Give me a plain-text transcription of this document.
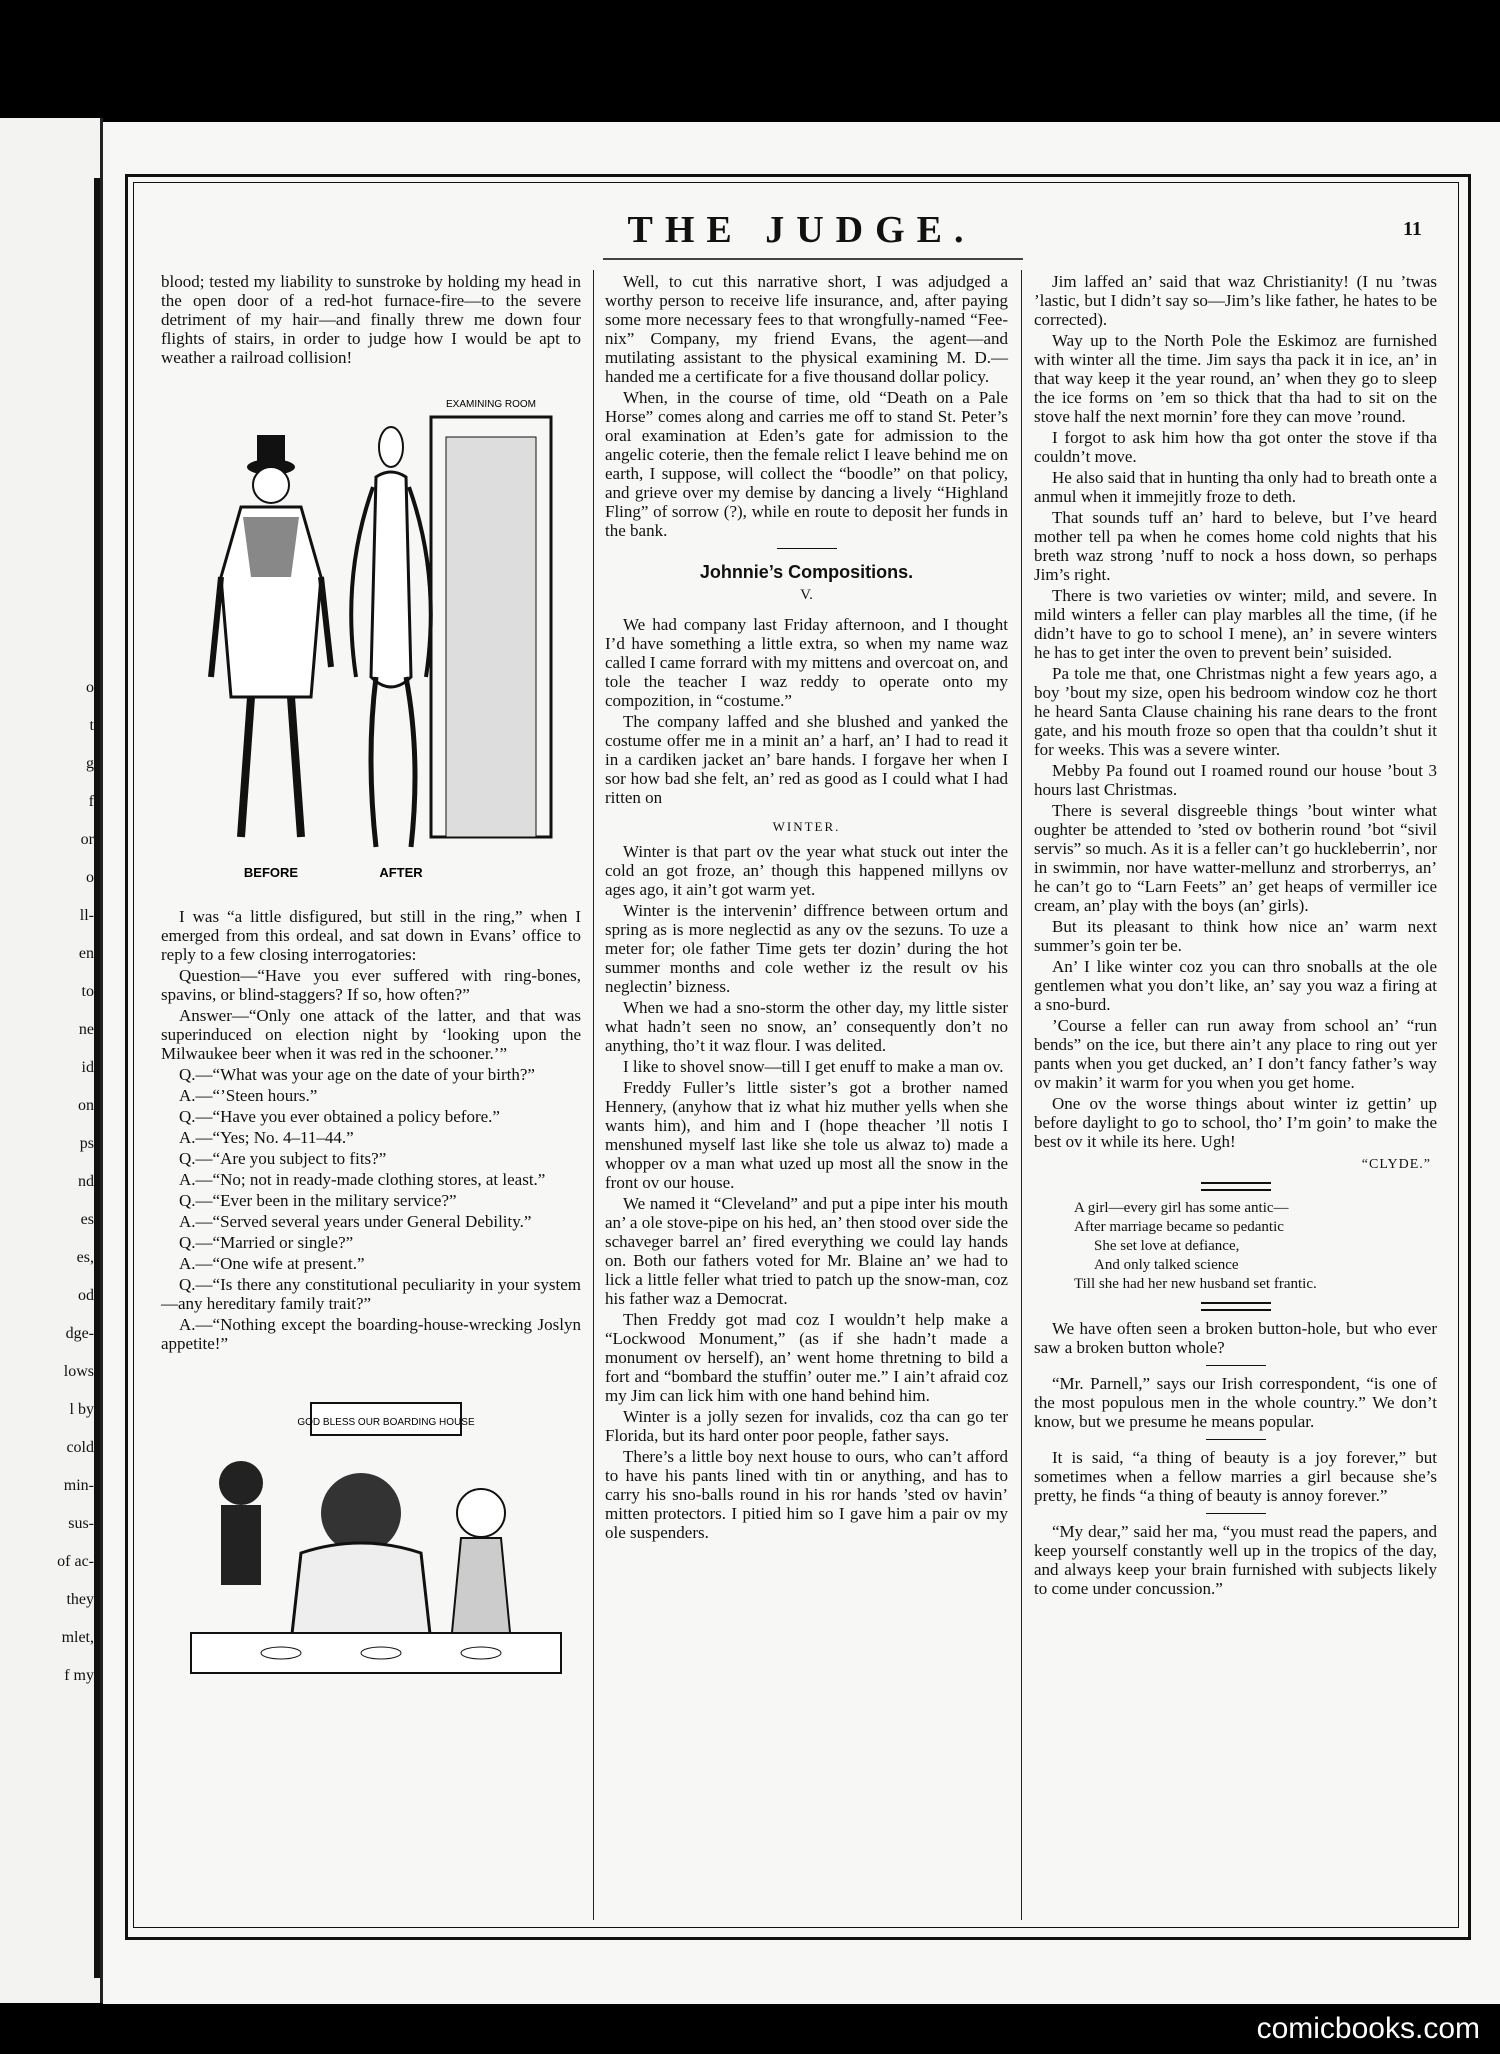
o
t
g
f
or
o
ll-
en
to
ne
id
on
ps
nd
es
es,
od
dge-
lows
l by
cold
min-
sus-
of ac-
they
mlet,
f my
THE JUDGE.	11

blood; tested my liability to sunstroke by holding my head in the open door of a red-hot furnace-fire—to the severe detriment of my hair—and finally threw me down four flights of stairs, in order to judge how I would be apt to weather a railroad collision!

EXAMINING ROOM
BEFORE	AFTER

I was “a little disfigured, but still in the ring,” when I emerged from this ordeal, and sat down in Evans’ office to reply to a few closing interrogatories:

Question—“Have you ever suffered with ring-bones, spavins, or blind-staggers? If so, how often?”

Answer—“Only one attack of the latter, and that was superinduced on election night by ‘looking upon the Milwaukee beer when it was red in the schooner.’”

Q.—“What was your age on the date of your birth?”

A.—“’Steen hours.”

Q.—“Have you ever obtained a policy before.”

A.—“Yes; No. 4–11–44.”

Q.—“Are you subject to fits?”

A.—“No; not in ready-made clothing stores, at least.”

Q.—“Ever been in the military service?”

A.—“Served several years under General Debility.”

Q.—“Married or single?”

A.—“One wife at present.”

Q.—“Is there any constitutional peculiarity in your system—any hereditary family trait?”

A.—“Nothing except the boarding-house-wrecking Joslyn appetite!”

GOD BLESS OUR BOARDING HOUSE

Well, to cut this narrative short, I was adjudged a worthy person to receive life insurance, and, after paying some more necessary fees to that wrongfully-named “Fee-nix” Company, my friend Evans, the agent—and mutilating assistant to the physical examining M. D.—handed me a certificate for a five thousand dollar policy.

When, in the course of time, old “Death on a Pale Horse” comes along and carries me off to stand St. Peter’s oral examination at Eden’s gate for admission to the angelic coterie, then the female relict I leave behind me on earth, I suppose, will collect the “boodle” on that policy, and grieve over my demise by dancing a lively “Highland Fling” of sorrow (?), while en route to deposit her funds in the bank.

Johnnie’s Compositions.
V.

We had company last Friday afternoon, and I thought I’d have something a little extra, so when my name waz called I came forrard with my mittens and overcoat on, and tole the teacher I waz reddy to operate onto my compozition, in “costume.”

The company laffed and she blushed and yanked the costume offer me in a minit an’ a harf, an’ I had to read it in a cardiken jacket an’ bare hands. I forgave her when I sor how bad she felt, an’ red as good as I could what I had ritten on

WINTER.

Winter is that part ov the year what stuck out inter the cold an got froze, an’ though this happened millyns ov ages ago, it ain’t got warm yet.

Winter is the intervenin’ diffrence between ortum and spring as is more neglectid as any ov the sezuns. To uze a meter for; ole father Time gets ter dozin’ during the hot summer months and cole wether iz the result ov his neglectin’ bizness.

When we had a sno-storm the other day, my little sister what hadn’t seen no snow, an’ consequently don’t no anything, tho’t it waz flour. I was delited.

I like to shovel snow—till I get enuff to make a man ov.

Freddy Fuller’s little sister’s got a brother named Hennery, (anyhow that iz what hiz muther yells when she wants him), and him and I (hope theacher ’ll notis I menshuned myself last like she tole us alwaz to) made a whopper ov a man what uzed up most all the snow in the front ov our house.

We named it “Cleveland” and put a pipe inter his mouth an’ a ole stove-pipe on his hed, an’ then stood over side the schaveger barrel an’ fired everything we could lay hands on. Both our fathers voted for Mr. Blaine an’ we had to lick a little feller what tried to patch up the snow-man, coz his father waz a Democrat.

Then Freddy got mad coz I wouldn’t help make a “Lockwood Monument,” (as if she hadn’t made a monument ov herself), an’ went home thretning to bild a fort and “bombard the stuffin’ outer me.” I ain’t afraid coz my Jim can lick him with one hand behind him.

Winter is a jolly sezen for invalids, coz tha can go ter Florida, but its hard onter poor people, father says.

There’s a little boy next house to ours, who can’t afford to have his pants lined with tin or anything, and has to carry his sno-balls round in his ror hands ’sted ov havin’ mitten protectors. I pitied him so I gave him a pair ov my ole suspenders.

Jim laffed an’ said that waz Christianity! (I nu ’twas ’lastic, but I didn’t say so—Jim’s like father, he hates to be corrected).

Way up to the North Pole the Eskimoz are furnished with winter all the time. Jim says tha pack it in ice, an’ in that way keep it the year round, an’ when they go to sleep the ice forms on ’em so thick that tha had to sit on the stove half the next mornin’ fore they can move ’round.

I forgot to ask him how tha got onter the stove if tha couldn’t move.

He also said that in hunting tha only had to breath onte a anmul when it immejitly froze to deth.

That sounds tuff an’ hard to beleve, but I’ve heard mother tell pa when he comes home cold nights that his breth waz strong ’nuff to nock a hoss down, so perhaps Jim’s right.

There is two varieties ov winter; mild, and severe. In mild winters a feller can play marbles all the time, (if he didn’t have to go to school I mene), an’ in severe winters he has to get inter the oven to prevent bein’ suisided.

Pa tole me that, one Christmas night a few years ago, a boy ’bout my size, open his bedroom window coz he thort he heard Santa Clause chaining his rane dears to the front gate, and his mouth froze so open that tha couldn’t shut it for weeks. This was a severe winter.

Mebby Pa found out I roamed round our house ’bout 3 hours last Christmas.

There is several disgreeble things ’bout winter what oughter be attended to ’sted ov botherin round ’bot “sivil servis” so much. As it is a feller can’t go huckleberrin’, nor in swimmin, nor have watter-mellunz and strorberrys, an’ he can’t go to “Larn Feets” an’ get heaps of vermiller ice cream, an’ play with the boys (an’ girls).

But its pleasant to think how nice an’ warm next summer’s goin ter be.

An’ I like winter coz you can thro snoballs at the ole gentlemen what you don’t like, an’ say you waz a firing at a sno-burd.

’Course a feller can run away from school an’ “run bends” on the ice, but there ain’t any place to ring out yer pants when you get ducked, an’ I don’t fancy father’s way ov makin’ it warm for you when you get home.

One ov the worse things about winter iz gettin’ up before daylight to go to school, tho’ I’m goin’ to make the best ov it while its here. Ugh!

“CLYDE.”
A girl—every girl has some antic—
After marriage became so pedantic
She set love at defiance,
And only talked science
Till she had her new husband set frantic.

We have often seen a broken button-hole, but who ever saw a broken button whole?

“Mr. Parnell,” says our Irish correspondent, “is one of the most populous men in the whole country.” We don’t know, but we presume he means popular.

It is said, “a thing of beauty is a joy forever,” but sometimes when a fellow marries a girl because she’s pretty, he finds “a thing of beauty is annoy forever.”

“My dear,” said her ma, “you must read the papers, and keep yourself constantly well up in the tropics of the day, and always keep your brain furnished with subjects likely to come under concussion.”

comicbooks.com
